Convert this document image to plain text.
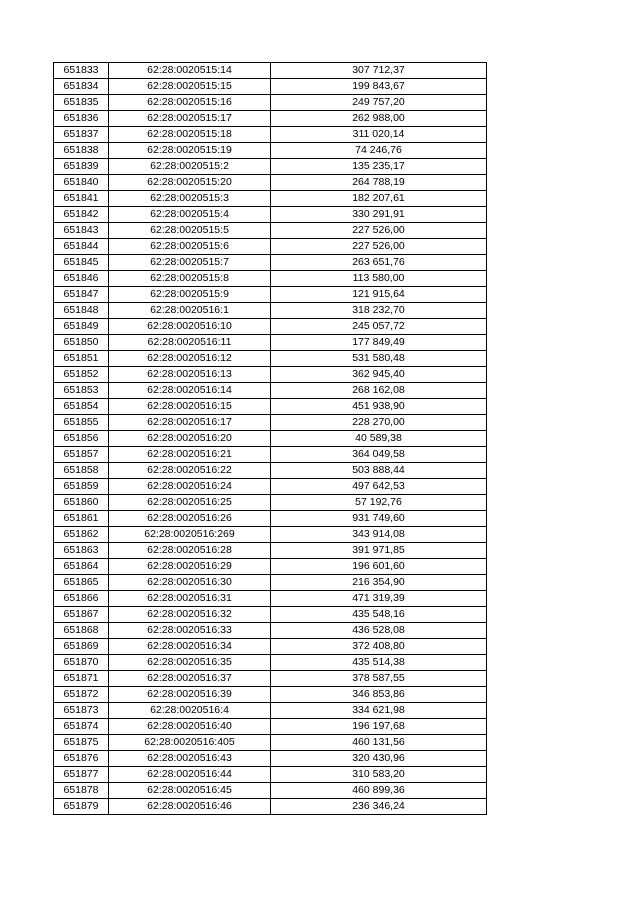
651833	62:28:0020515:14	307 712,37
651834	62:28:0020515:15	199 843,67
651835	62:28:0020515:16	249 757,20
651836	62:28:0020515:17	262 988,00
651837	62:28:0020515:18	311 020,14
651838	62:28:0020515:19	74 246,76
651839	62:28:0020515:2	135 235,17
651840	62:28:0020515:20	264 788,19
651841	62:28:0020515:3	182 207,61
651842	62:28:0020515:4	330 291,91
651843	62:28:0020515:5	227 526,00
651844	62:28:0020515:6	227 526,00
651845	62:28:0020515:7	263 651,76
651846	62:28:0020515:8	113 580,00
651847	62:28:0020515:9	121 915,64
651848	62:28:0020516:1	318 232,70
651849	62:28:0020516:10	245 057,72
651850	62:28:0020516:11	177 849,49
651851	62:28:0020516:12	531 580,48
651852	62:28:0020516:13	362 945,40
651853	62:28:0020516:14	268 162,08
651854	62:28:0020516:15	451 938,90
651855	62:28:0020516:17	228 270,00
651856	62:28:0020516:20	40 589,38
651857	62:28:0020516:21	364 049,58
651858	62:28:0020516:22	503 888,44
651859	62:28:0020516:24	497 642,53
651860	62:28:0020516:25	57 192,76
651861	62:28:0020516:26	931 749,60
651862	62:28:0020516:269	343 914,08
651863	62:28:0020516:28	391 971,85
651864	62:28:0020516:29	196 601,60
651865	62:28:0020516:30	216 354,90
651866	62:28:0020516:31	471 319,39
651867	62:28:0020516:32	435 548,16
651868	62:28:0020516:33	436 528,08
651869	62:28:0020516:34	372 408,80
651870	62:28:0020516:35	435 514,38
651871	62:28:0020516:37	378 587,55
651872	62:28:0020516:39	346 853,86
651873	62:28:0020516:4	334 621,98
651874	62:28:0020516:40	196 197,68
651875	62:28:0020516:405	460 131,56
651876	62:28:0020516:43	320 430,96
651877	62:28:0020516:44	310 583,20
651878	62:28:0020516:45	460 899,36
651879	62:28:0020516:46	236 346,24
